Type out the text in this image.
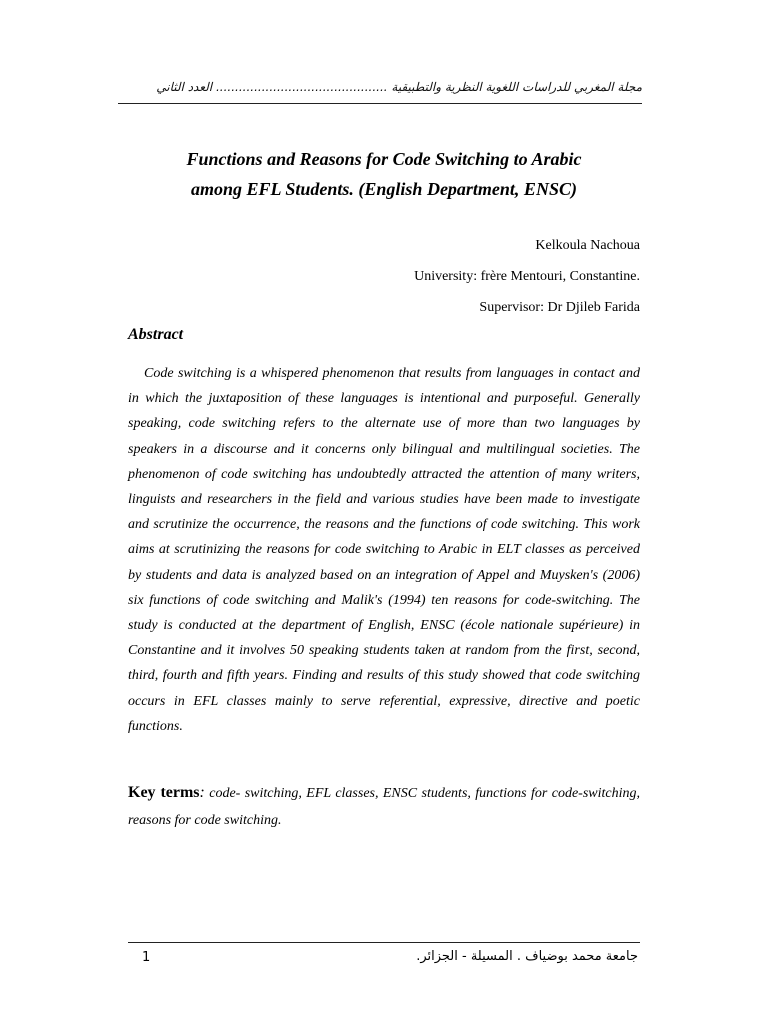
مجلة المغربي للدراسات اللغوية النظرية والتطبيقية ............................................. العدد الثاني
Functions and Reasons for Code Switching to Arabic
among EFL Students. (English Department, ENSC)
Kelkoula Nachoua
University: frère Mentouri, Constantine.
Supervisor: Dr Djileb Farida
Abstract

Code switching is a whispered phenomenon that results from languages in contact and in which the juxtaposition of these languages is intentional and purposeful. Generally speaking, code switching refers to the alternate use of more than two languages by speakers in a discourse and it concerns only bilingual and multilingual societies. The phenomenon of code switching has undoubtedly attracted the attention of many writers, linguists and researchers in the field and various studies have been made to investigate and scrutinize the occurrence, the reasons and the functions of code switching. This work aims at scrutinizing the reasons for code switching to Arabic in ELT classes as perceived by students and data is analyzed based on an integration of Appel and Muysken's (2006) six functions of code switching and Malik's (1994) ten reasons for code-switching. The study is conducted at the department of English, ENSC (école nationale supérieure) in Constantine and it involves 50 speaking students taken at random from the first, second, third, fourth and fifth years. Finding and results of this study showed that code switching occurs in EFL classes mainly to serve referential, expressive, directive and poetic functions.

Key terms: code- switching, EFL classes, ENSC students, functions for code-switching, reasons for code switching.

1	جامعة محمد بوضياف . المسيلة - الجزائر.
